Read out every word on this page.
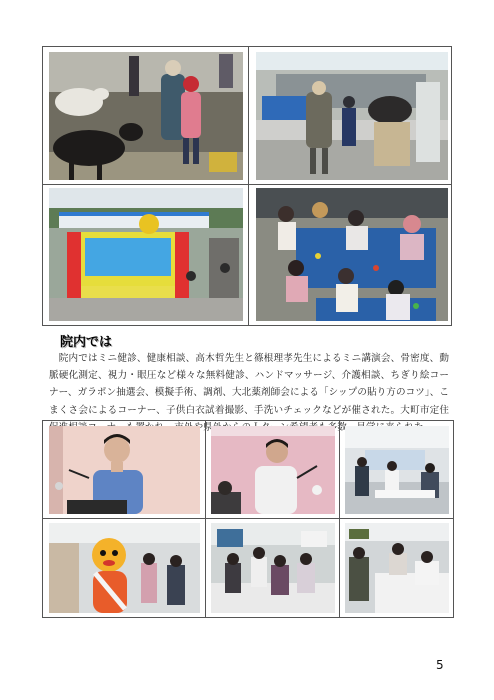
院内では
　院内ではミニ健診、健康相談、高木哲先生と篠根理孝先生によるミニ講演会、骨密度、動脈硬化測定、視力・眼圧など様々な無料健診、ハンドマッサージ、介護相談、ちぎり絵コーナー、ガラポン抽選会、模擬手術、調剤、大北薬剤師会による「シップの貼り方のコツ」、こまくさ会によるコーナー、子供白衣試着撮影、手洗いチェックなどが催された。大町市定住 や県 者も多数、見
5
